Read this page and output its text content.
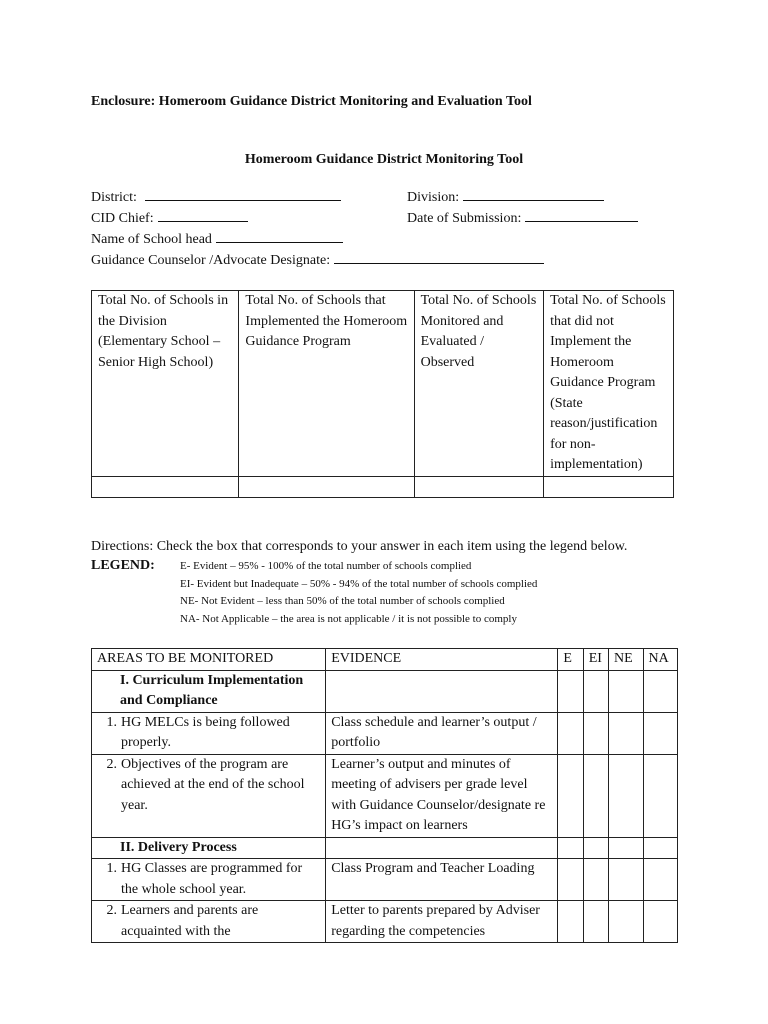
Enclosure: Homeroom Guidance District Monitoring and Evaluation Tool
Homeroom Guidance District Monitoring Tool
District:	Division:
CID Chief:	Date of Submission:
Name of School head
Guidance Counselor /Advocate Designate:
Total No. of Schools in the Division (Elementary School – Senior High School)	Total No. of Schools that Implemented the Homeroom Guidance Program	Total No. of Schools Monitored and Evaluated / Observed	Total No. of Schools that did not Implement the Homeroom Guidance Program (State reason/justification for non-implementation)

Directions: Check the box that corresponds to your answer in each item using the legend below.
LEGEND: E- Evident – 95% - 100% of the total number of schools complied
EI- Evident but Inadequate – 50% - 94% of the total number of schools complied
NE- Not Evident – less than 50% of the total number of schools complied
NA- Not Applicable – the area is not applicable / it is not possible to comply
AREAS TO BE MONITORED	EVIDENCE	E	EI	NE	NA
I. Curriculum Implementation and Compliance					
1. HG MELCs is being followed properly.	Class schedule and learner’s output / portfolio				
2. Objectives of the program are achieved at the end of the school year.	Learner’s output and minutes of meeting of advisers per grade level with Guidance Counselor/designate re HG’s impact on learners				
II. Delivery Process					
1. HG Classes are programmed for the whole school year.	Class Program and Teacher Loading				
2. Learners and parents are acquainted with the	Letter to parents prepared by Adviser regarding the competencies				
